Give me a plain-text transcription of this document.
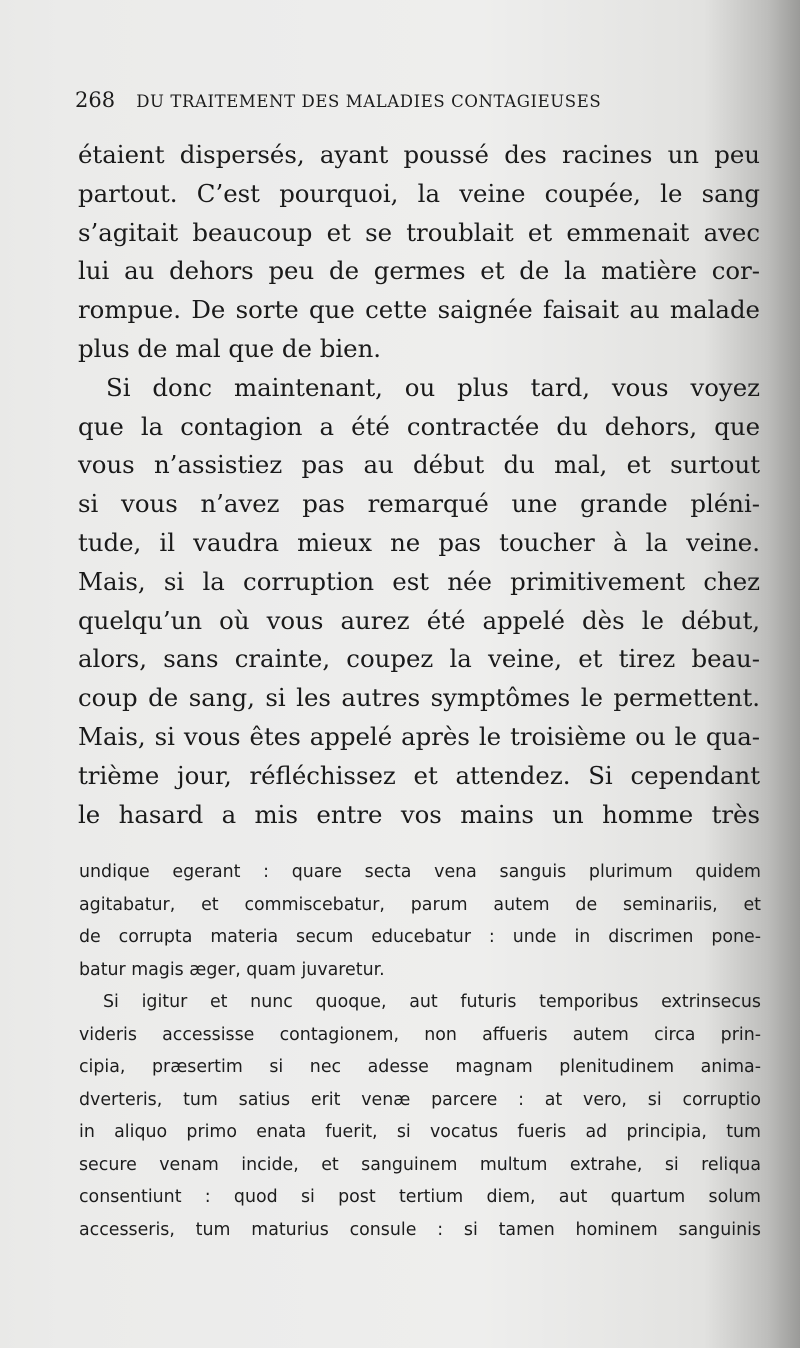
268 DU TRAITEMENT DES MALADIES CONTAGIEUSES
étaient dispersés, ayant poussé des racines un peu
partout. C’est pourquoi, la veine coupée, le sang
s’agitait beaucoup et se troublait et emmenait avec
lui au dehors peu de germes et de la matière cor-
rompue. De sorte que cette saignée faisait au malade
plus de mal que de bien.
Si donc maintenant, ou plus tard, vous voyez
que la contagion a été contractée du dehors, que
vous n’assistiez pas au début du mal, et surtout
si vous n’avez pas remarqué une grande pléni-
tude, il vaudra mieux ne pas toucher à la veine.
Mais, si la corruption est née primitivement chez
quelqu’un où vous aurez été appelé dès le début,
alors, sans crainte, coupez la veine, et tirez beau-
coup de sang, si les autres symptômes le permettent.
Mais, si vous êtes appelé après le troisième ou le qua-
trième jour, réfléchissez et attendez. Si cependant
le hasard a mis entre vos mains un homme très
undique egerant : quare secta vena sanguis plurimum quidem
agitabatur, et commiscebatur, parum autem de seminariis, et
de corrupta materia secum educebatur : unde in discrimen pone-
batur magis æger, quam juvaretur.
Si igitur et nunc quoque, aut futuris temporibus extrinsecus
videris accessisse contagionem, non affueris autem circa prin-
cipia, præsertim si nec adesse magnam plenitudinem anima-
dverteris, tum satius erit venæ parcere : at vero, si corruptio
in aliquo primo enata fuerit, si vocatus fueris ad principia, tum
secure venam incide, et sanguinem multum extrahe, si reliqua
consentiunt : quod si post tertium diem, aut quartum solum
accesseris, tum maturius consule : si tamen hominem sanguinis
